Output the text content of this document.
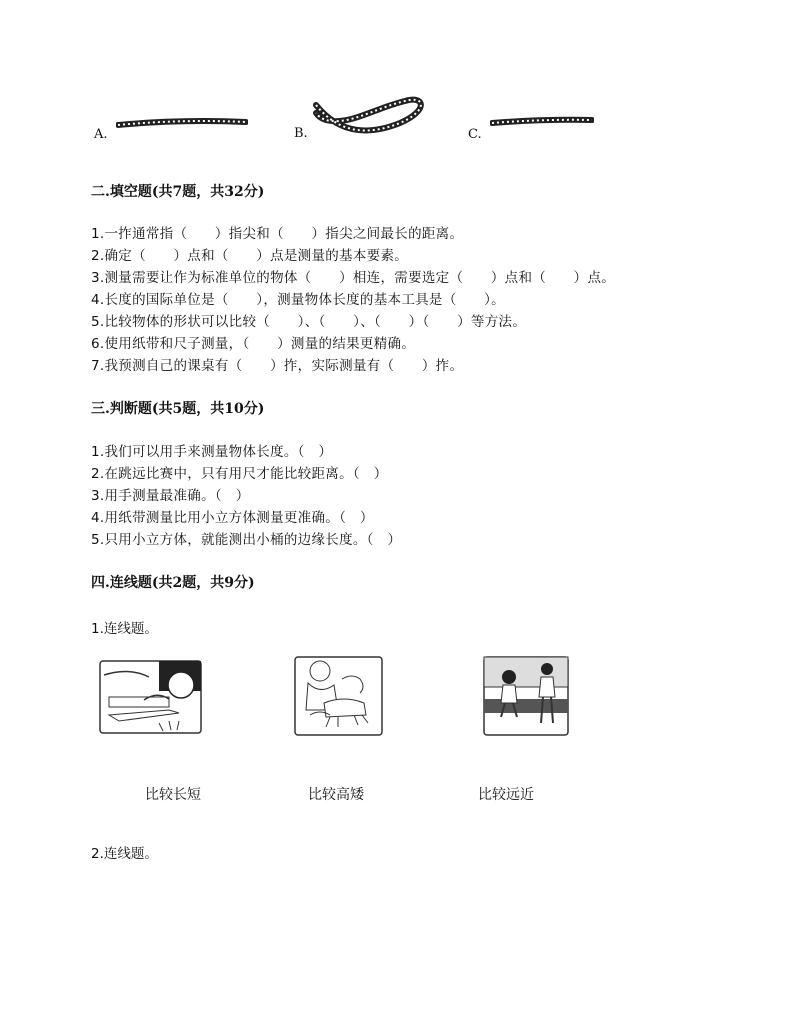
A.	B.	C.
二.填空题(共7题，共32分)
1.一拃通常指（　　）指尖和（　　）指尖之间最长的距离。
2.确定（　　）点和（　　）点是测量的基本要素。
3.测量需要让作为标准单位的物体（　　）相连，需要选定（　　）点和（　　）点。
4.长度的国际单位是（　　），测量物体长度的基本工具是（　　）。
5.比较物体的形状可以比较（　　）、（　　）、（　　）（　　）等方法。
6.使用纸带和尺子测量，（　　）测量的结果更精确。
7.我预测自己的课桌有（　　）拃，实际测量有（　　）拃。
三.判断题(共5题，共10分)
1.我们可以用手来测量物体长度。（　）
2.在跳远比赛中，只有用尺才能比较距离。（　）
3.用手测量最准确。（　）
4.用纸带测量比用小立方体测量更准确。（　）
5.只用小立方体，就能测出小桶的边缘长度。（　）
四.连线题(共2题，共9分)
1.连线题。
比较长短	比较高矮	比较远近
2.连线题。
